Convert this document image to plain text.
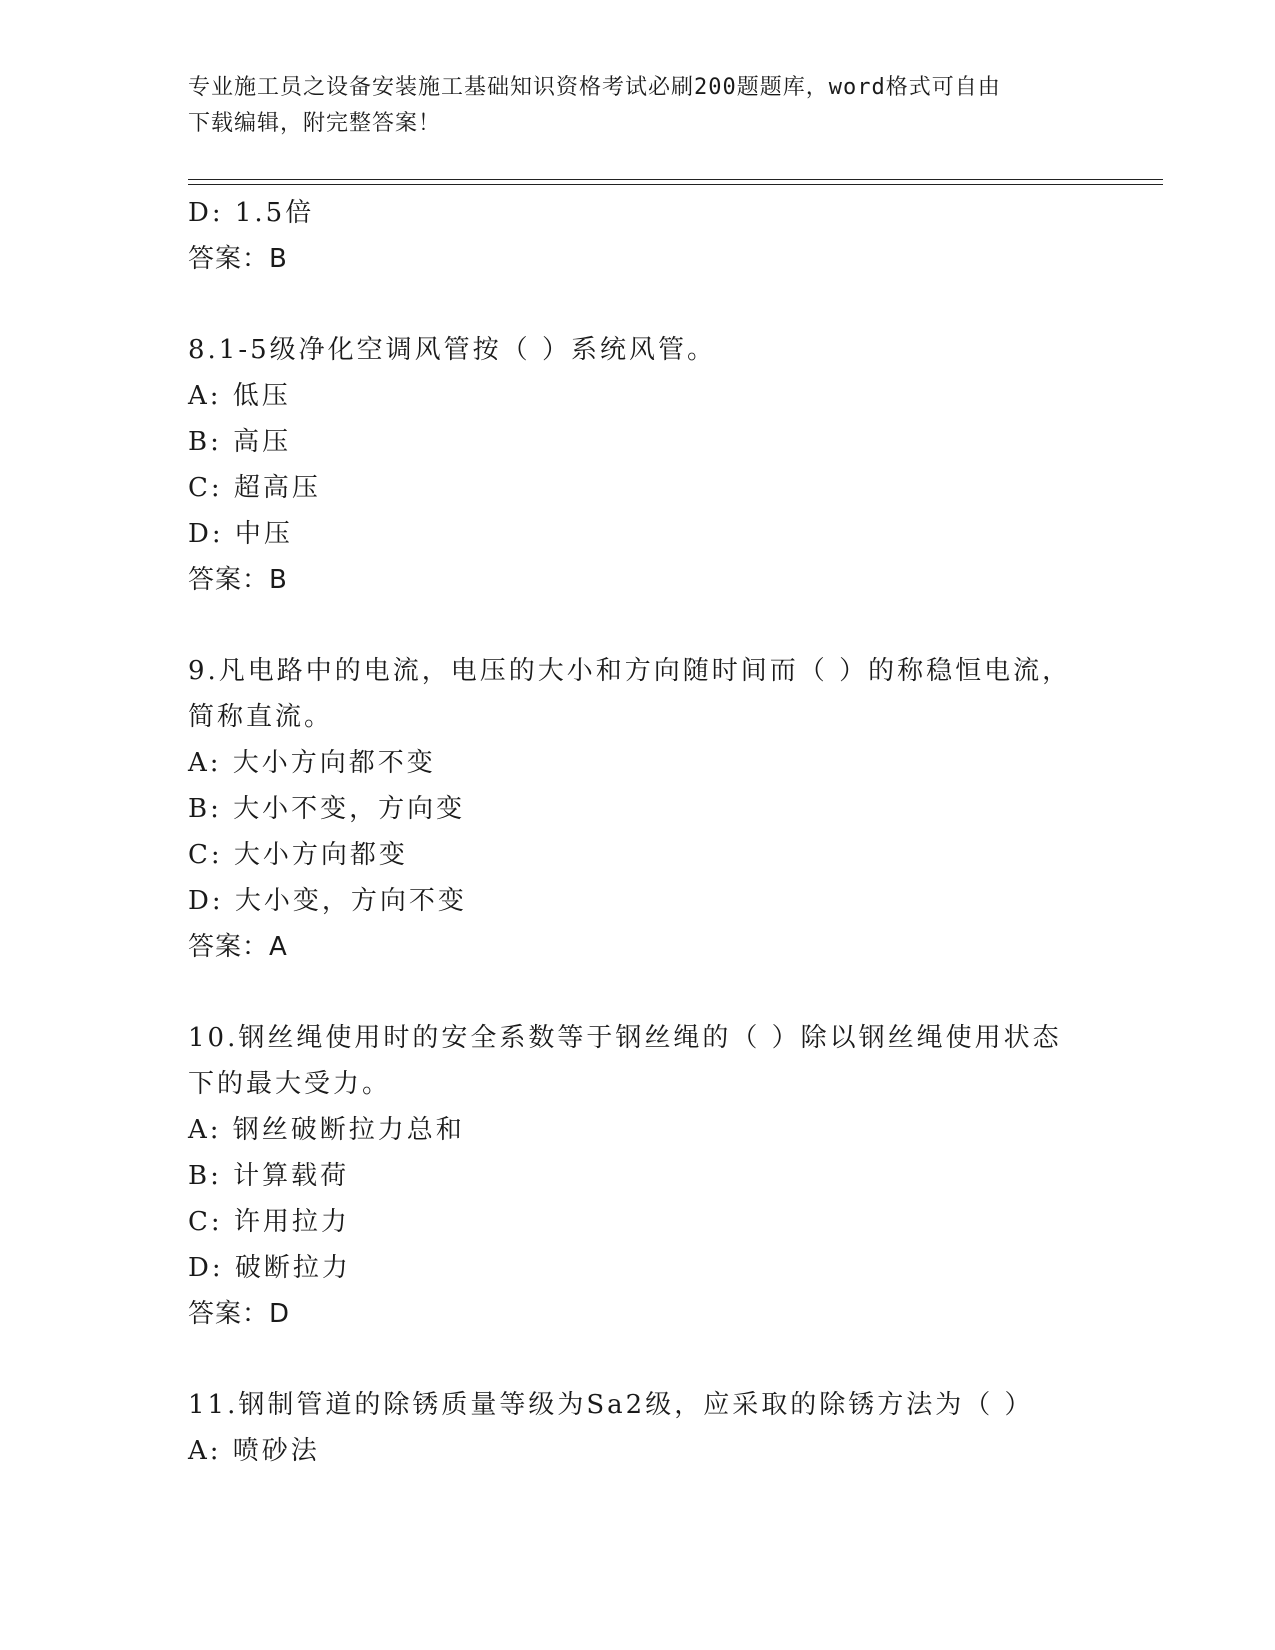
专业施工员之设备安装施工基础知识资格考试必刷200题题库，word格式可自由
下载编辑，附完整答案！
D: 1.5倍
答案：B
8.1-5级净化空调风管按（ ）系统风管。
A: 低压
B: 高压
C: 超高压
D: 中压
答案：B
9.凡电路中的电流，电压的大小和方向随时间而（ ）的称稳恒电流，
简称直流。
A: 大小方向都不变
B: 大小不变，方向变
C: 大小方向都变
D: 大小变，方向不变
答案：A
10.钢丝绳使用时的安全系数等于钢丝绳的（ ）除以钢丝绳使用状态
下的最大受力。
A: 钢丝破断拉力总和
B: 计算载荷
C: 许用拉力
D: 破断拉力
答案：D
11.钢制管道的除锈质量等级为Sa2级，应采取的除锈方法为（ ）
A: 喷砂法
